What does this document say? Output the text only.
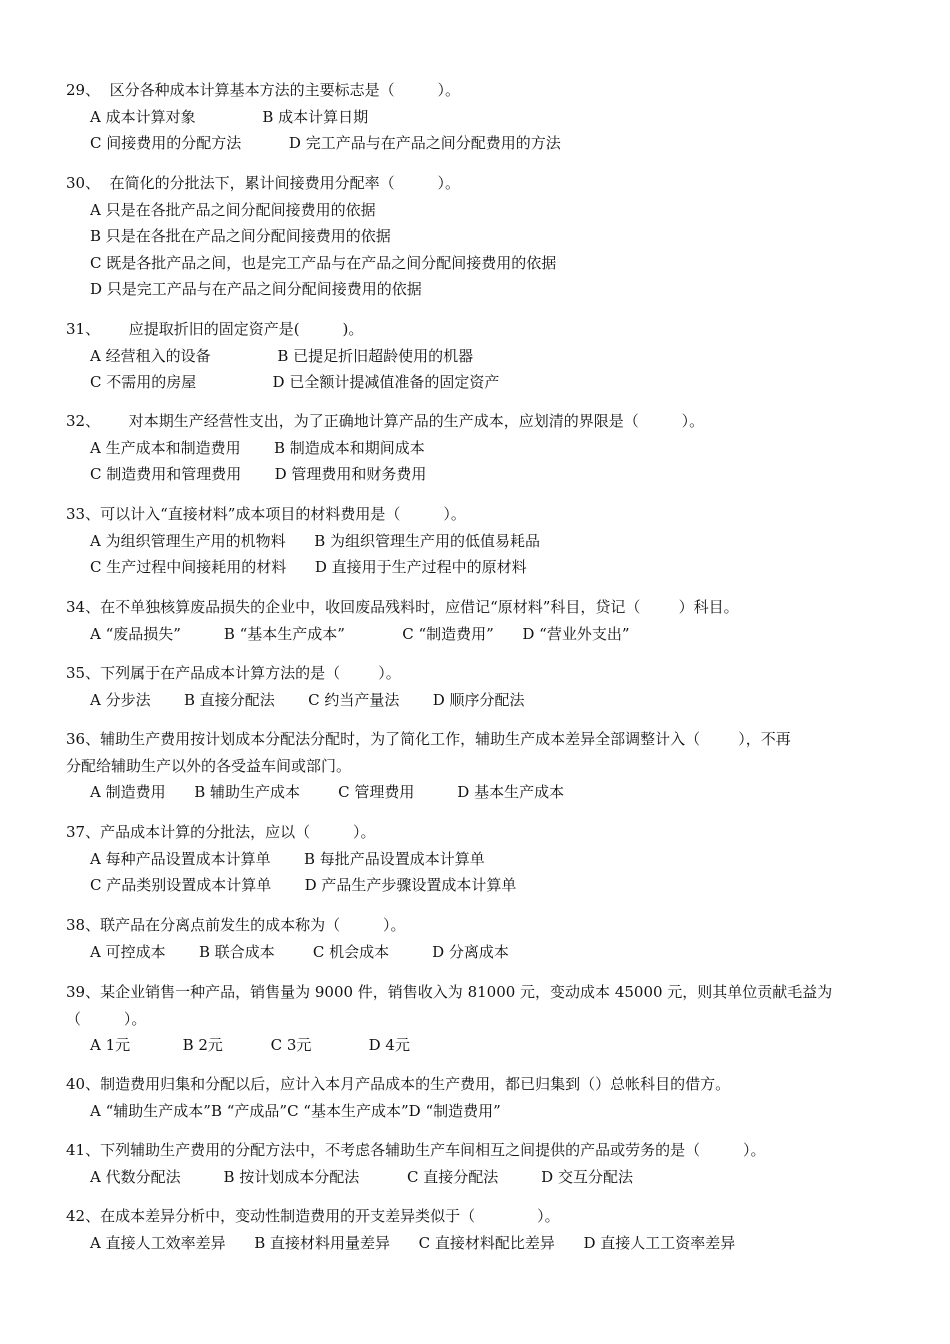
29、  区分各种成本计算基本方法的主要标志是（         ）。
A 成本计算对象              B 成本计算日期
C 间接费用的分配方法          D 完工产品与在产品之间分配费用的方法
30、  在简化的分批法下，累计间接费用分配率（         ）。
A 只是在各批产品之间分配间接费用的依据
B 只是在各批在产品之间分配间接费用的依据
C 既是各批产品之间，也是完工产品与在产品之间分配间接费用的依据
D 只是完工产品与在产品之间分配间接费用的依据
31、      应提取折旧的固定资产是(         )。
A 经营租入的设备              B 已提足折旧超龄使用的机器
C 不需用的房屋                D 已全额计提减值准备的固定资产
32、      对本期生产经营性支出，为了正确地计算产品的生产成本，应划清的界限是（         ）。
A 生产成本和制造费用       B 制造成本和期间成本
C 制造费用和管理费用       D 管理费用和财务费用
33、可以计入“直接材料”成本项目的材料费用是（         ）。
A 为组织管理生产用的机物料      B 为组织管理生产用的低值易耗品
C 生产过程中间接耗用的材料      D 直接用于生产过程中的原材料
34、在不单独核算废品损失的企业中，收回废品残料时，应借记“原材料”科目，贷记（        ）科目。
A “废品损失”         B “基本生产成本”            C “制造费用”      D “营业外支出”
35、下列属于在产品成本计算方法的是（        ）。
A 分步法       B 直接分配法       C 约当产量法       D 顺序分配法
36、辅助生产费用按计划成本分配法分配时，为了简化工作，辅助生产成本差异全部调整计入（        ），不再
分配给辅助生产以外的各受益车间或部门。
A 制造费用      B 辅助生产成本        C 管理费用         D 基本生产成本
37、产品成本计算的分批法，应以（         ）。
A 每种产品设置成本计算单       B 每批产品设置成本计算单
C 产品类别设置成本计算单       D 产品生产步骤设置成本计算单
38、联产品在分离点前发生的成本称为（         ）。
A 可控成本       B 联合成本        C 机会成本         D 分离成本
39、某企业销售一种产品，销售量为 9000 件，销售收入为 81000 元，变动成本 45000 元，则其单位贡献毛益为
（         ）。
A 1元           B 2元          C 3元            D 4元
40、制造费用归集和分配以后，应计入本月产品成本的生产费用，都已归集到（）总帐科目的借方。
A “辅助生产成本”B “产成品”C “基本生产成本”D “制造费用”
41、下列辅助生产费用的分配方法中，不考虑各辅助生产车间相互之间提供的产品或劳务的是（         ）。
A 代数分配法         B 按计划成本分配法          C 直接分配法         D 交互分配法
42、在成本差异分析中，变动性制造费用的开支差异类似于（             ）。
A 直接人工效率差异      B 直接材料用量差异      C 直接材料配比差异      D 直接人工工资率差异
